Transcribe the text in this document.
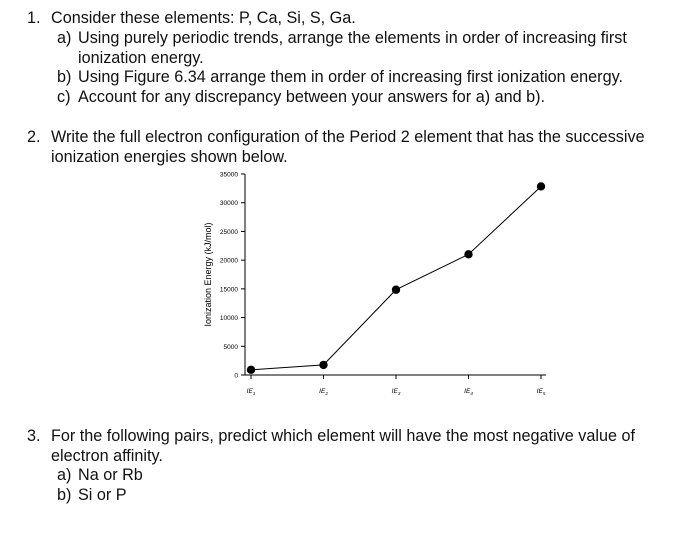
1. Consider these elements: P, Ca, Si, S, Ga.
a) Using purely periodic trends, arrange the elements in order of increasing first ionization energy.
b) Using Figure 6.34 arrange them in order of increasing first ionization energy.
c) Account for any discrepancy between your answers for a) and b).
2. Write the full electron configuration of the Period 2 element that has the successive ionization energies shown below.
0
5000
10000
15000
20000
25000
30000
35000
$IE_1$	$IE_2$	$IE_3$	$IE_4$	$IE_5$
Ionization Energy (kJ/mol)
3. For the following pairs, predict which element will have the most negative value of electron affinity.
a) Na or Rb
b) Si or P
